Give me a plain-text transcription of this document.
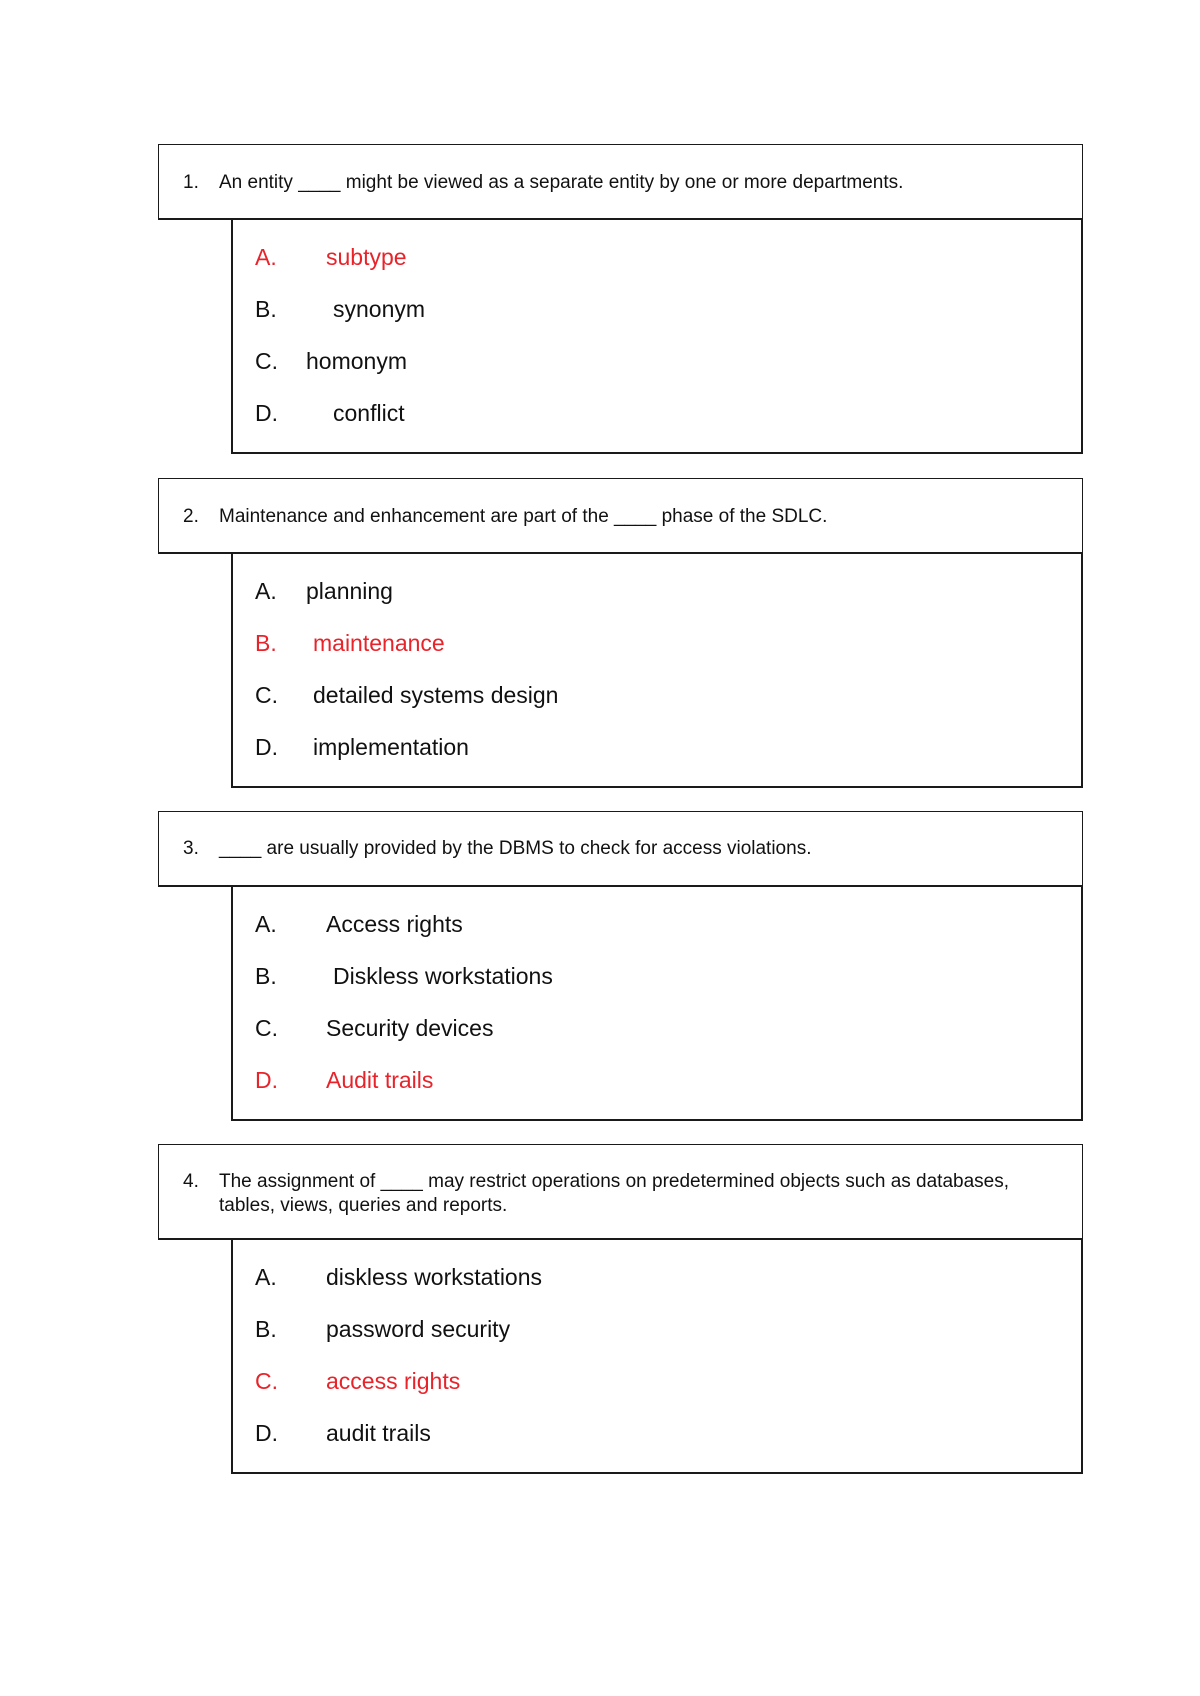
1. An entity ____ might be viewed as a separate entity by one or more departments.
A. subtype
B. synonym
C. homonym
D. conflict
2. Maintenance and enhancement are part of the ____ phase of the SDLC.
A. planning
B. maintenance
C. detailed systems design
D. implementation
3. ____ are usually provided by the DBMS to check for access violations.
A. Access rights
B. Diskless workstations
C. Security devices
D. Audit trails
4. The assignment of ____ may restrict operations on predetermined objects such as databases, tables, views, queries and reports.
A. diskless workstations
B. password security
C. access rights
D. audit trails
